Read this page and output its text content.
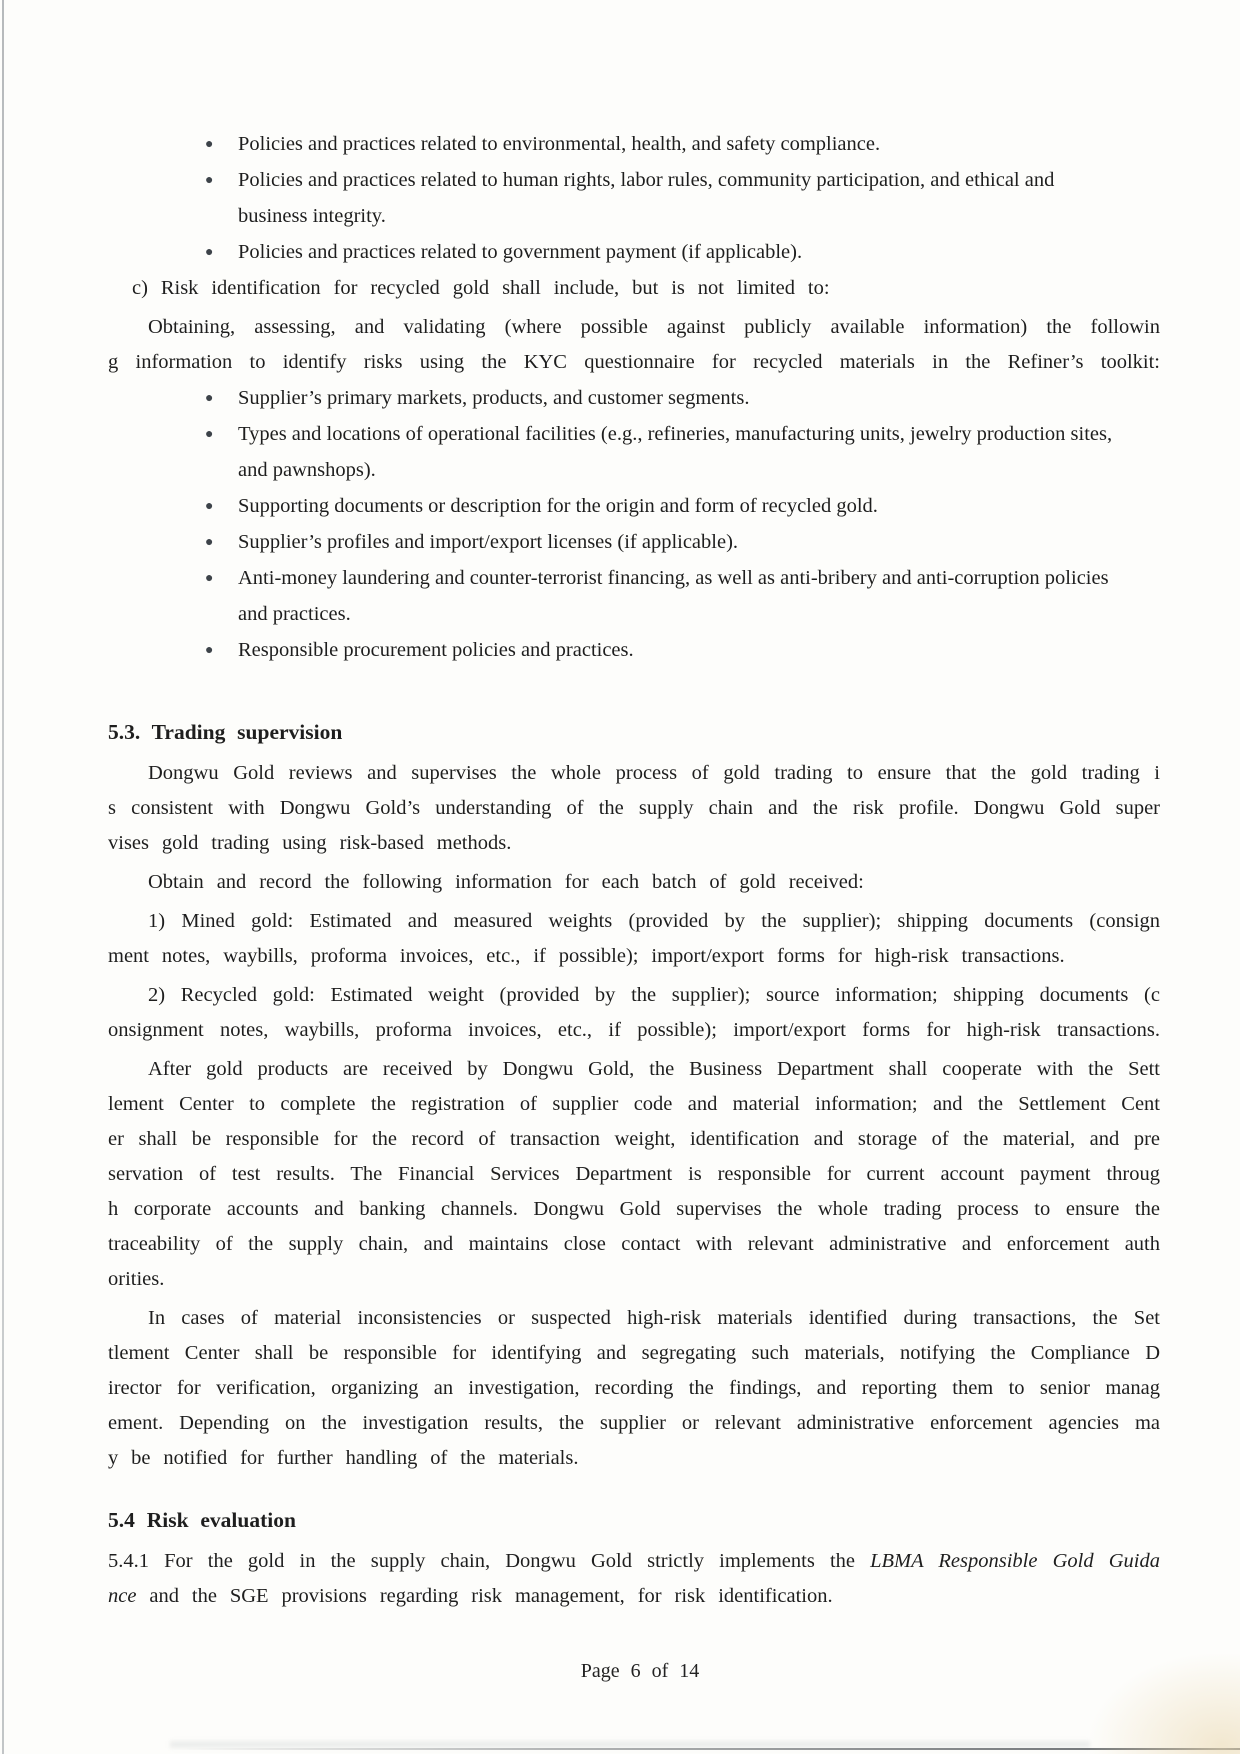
● Policies and practices related to environmental, health, and safety compliance.
● Policies and practices related to human rights, labor rules, community participation, and ethical and
business integrity.
● Policies and practices related to government payment (if applicable).
c) Risk identification for recycled gold shall include, but is not limited to:
Obtaining, assessing, and validating (where possible against publicly available information) the followin
g information to identify risks using the KYC questionnaire for recycled materials in the Refiner’s toolkit:
● Supplier’s primary markets, products, and customer segments.
● Types and locations of operational facilities (e.g., refineries, manufacturing units, jewelry production sites,
and pawnshops).
● Supporting documents or description for the origin and form of recycled gold.
● Supplier’s profiles and import/export licenses (if applicable).
● Anti-money laundering and counter-terrorist financing, as well as anti-bribery and anti-corruption policies
and practices.
● Responsible procurement policies and practices.
5.3. Trading supervision
Dongwu Gold reviews and supervises the whole process of gold trading to ensure that the gold trading i
s consistent with Dongwu Gold’s understanding of the supply chain and the risk profile. Dongwu Gold super
vises gold trading using risk-based methods.
Obtain and record the following information for each batch of gold received:
1) Mined gold: Estimated and measured weights (provided by the supplier); shipping documents (consign
ment notes, waybills, proforma invoices, etc., if possible); import/export forms for high-risk transactions.
2) Recycled gold: Estimated weight (provided by the supplier); source information; shipping documents (c
onsignment notes, waybills, proforma invoices, etc., if possible); import/export forms for high-risk transactions.
After gold products are received by Dongwu Gold, the Business Department shall cooperate with the Sett
lement Center to complete the registration of supplier code and material information; and the Settlement Cent
er shall be responsible for the record of transaction weight, identification and storage of the material, and pre
servation of test results. The Financial Services Department is responsible for current account payment throug
h corporate accounts and banking channels. Dongwu Gold supervises the whole trading process to ensure the
traceability of the supply chain, and maintains close contact with relevant administrative and enforcement auth
orities.
In cases of material inconsistencies or suspected high-risk materials identified during transactions, the Set
tlement Center shall be responsible for identifying and segregating such materials, notifying the Compliance D
irector for verification, organizing an investigation, recording the findings, and reporting them to senior manag
ement. Depending on the investigation results, the supplier or relevant administrative enforcement agencies ma
y be notified for further handling of the materials.
5.4 Risk evaluation
5.4.1 For the gold in the supply chain, Dongwu Gold strictly implements the LBMA Responsible Gold Guida
nce and the SGE provisions regarding risk management, for risk identification.
Page 6 of 14
